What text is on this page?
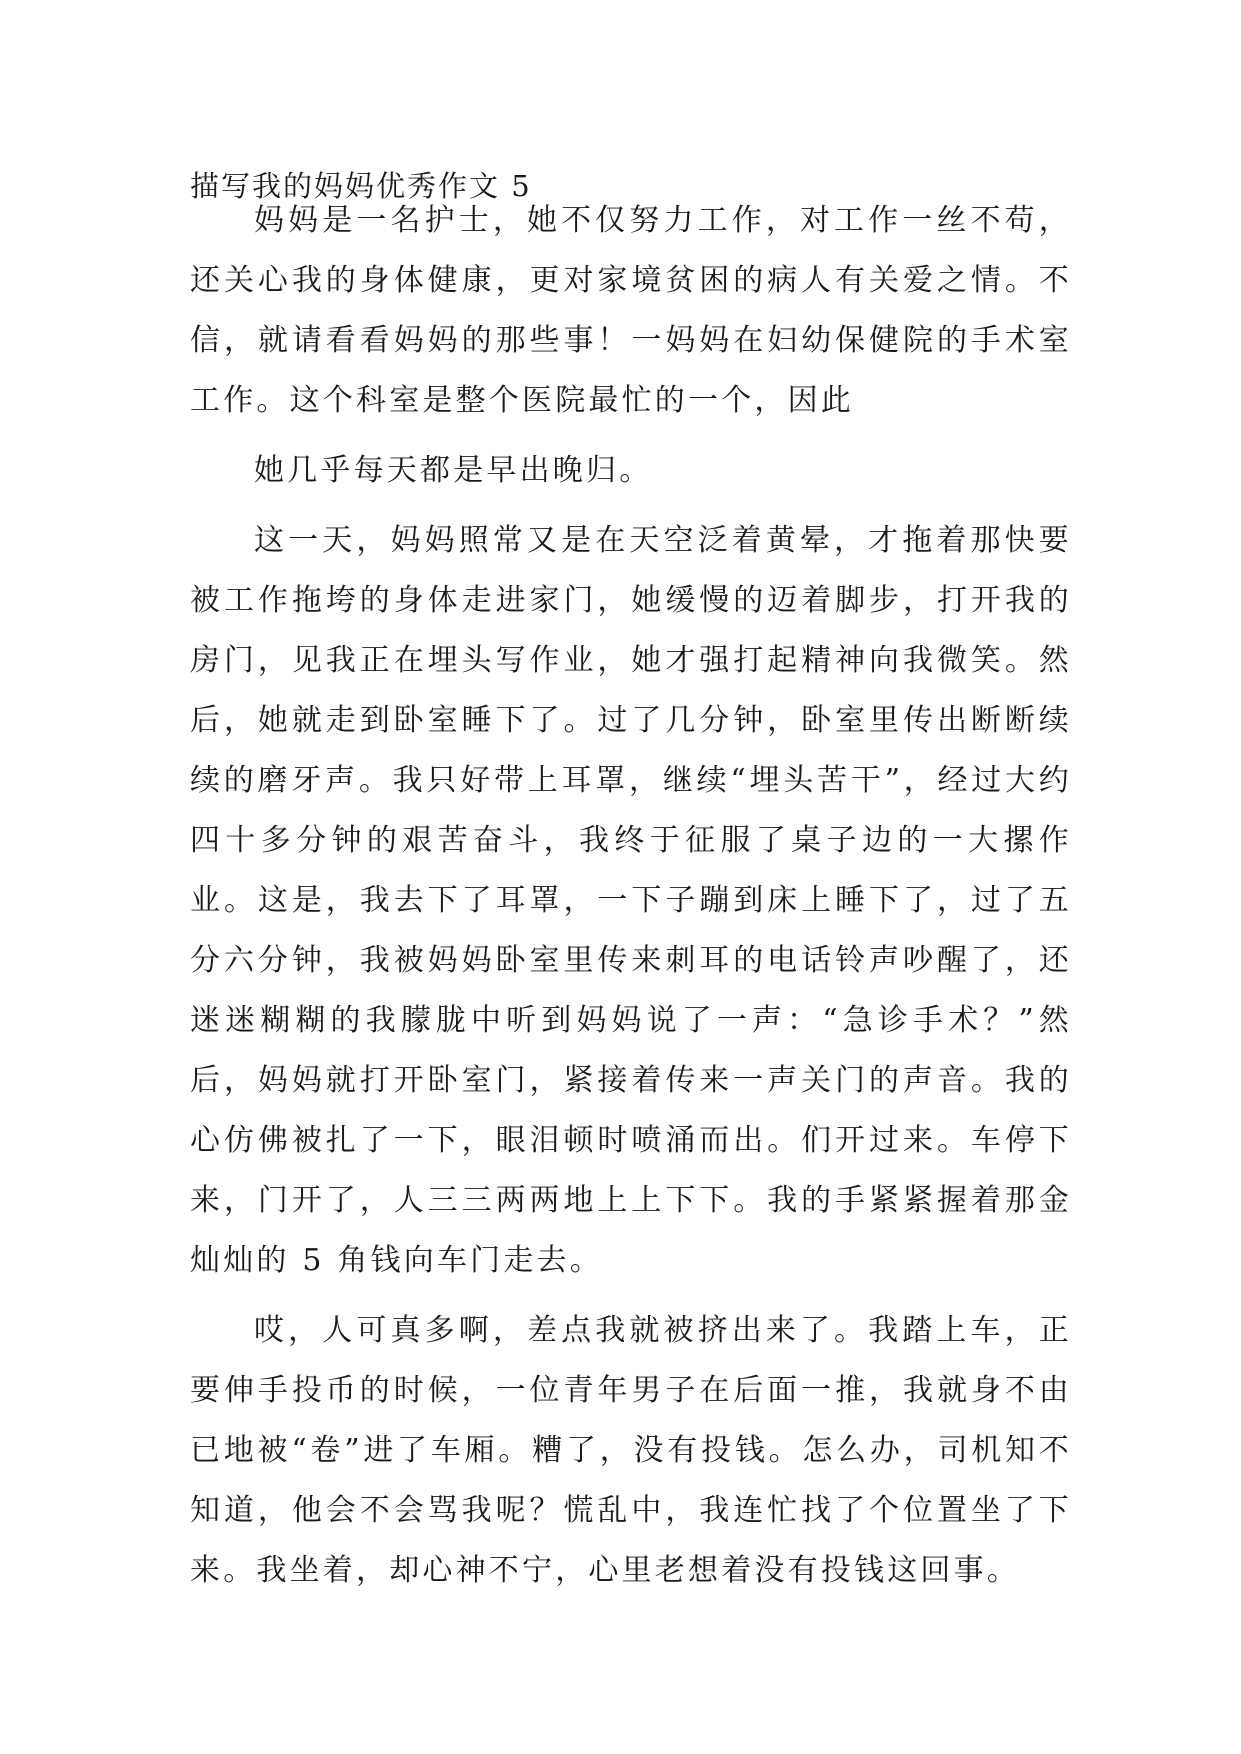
描写我的妈妈优秀作文 5

妈妈是一名护士，她不仅努力工作，对工作一丝不苟，还关心我的身体健康，更对家境贫困的病人有关爱之情。不信，就请看看妈妈的那些事！一妈妈在妇幼保健院的手术室工作。这个科室是整个医院最忙的一个，因此

她几乎每天都是早出晚归。

这一天，妈妈照常又是在天空泛着黄晕，才拖着那快要被工作拖垮的身体走进家门，她缓慢的迈着脚步，打开我的房门，见我正在埋头写作业，她才强打起精神向我微笑。然后，她就走到卧室睡下了。过了几分钟，卧室里传出断断续续的磨牙声。我只好带上耳罩，继续“埋头苦干”，经过大约四十多分钟的艰苦奋斗，我终于征服了桌子边的一大摞作业。这是，我去下了耳罩，一下子蹦到床上睡下了，过了五分六分钟，我被妈妈卧室里传来刺耳的电话铃声吵醒了，还迷迷糊糊的我朦胧中听到妈妈说了一声：“急诊手术？”然后，妈妈就打开卧室门，紧接着传来一声关门的声音。我的心仿佛被扎了一下，眼泪顿时喷涌而出。们开过来。车停下来，门开了，人三三两两地上上下下。我的手紧紧握着那金灿灿的 5 角钱向车门走去。

哎，人可真多啊，差点我就被挤出来了。我踏上车，正要伸手投币的时候，一位青年男子在后面一推，我就身不由已地被“卷”进了车厢。糟了，没有投钱。怎么办，司机知不知道，他会不会骂我呢？慌乱中，我连忙找了个位置坐了下来。我坐着，却心神不宁，心里老想着没有投钱这回事。
